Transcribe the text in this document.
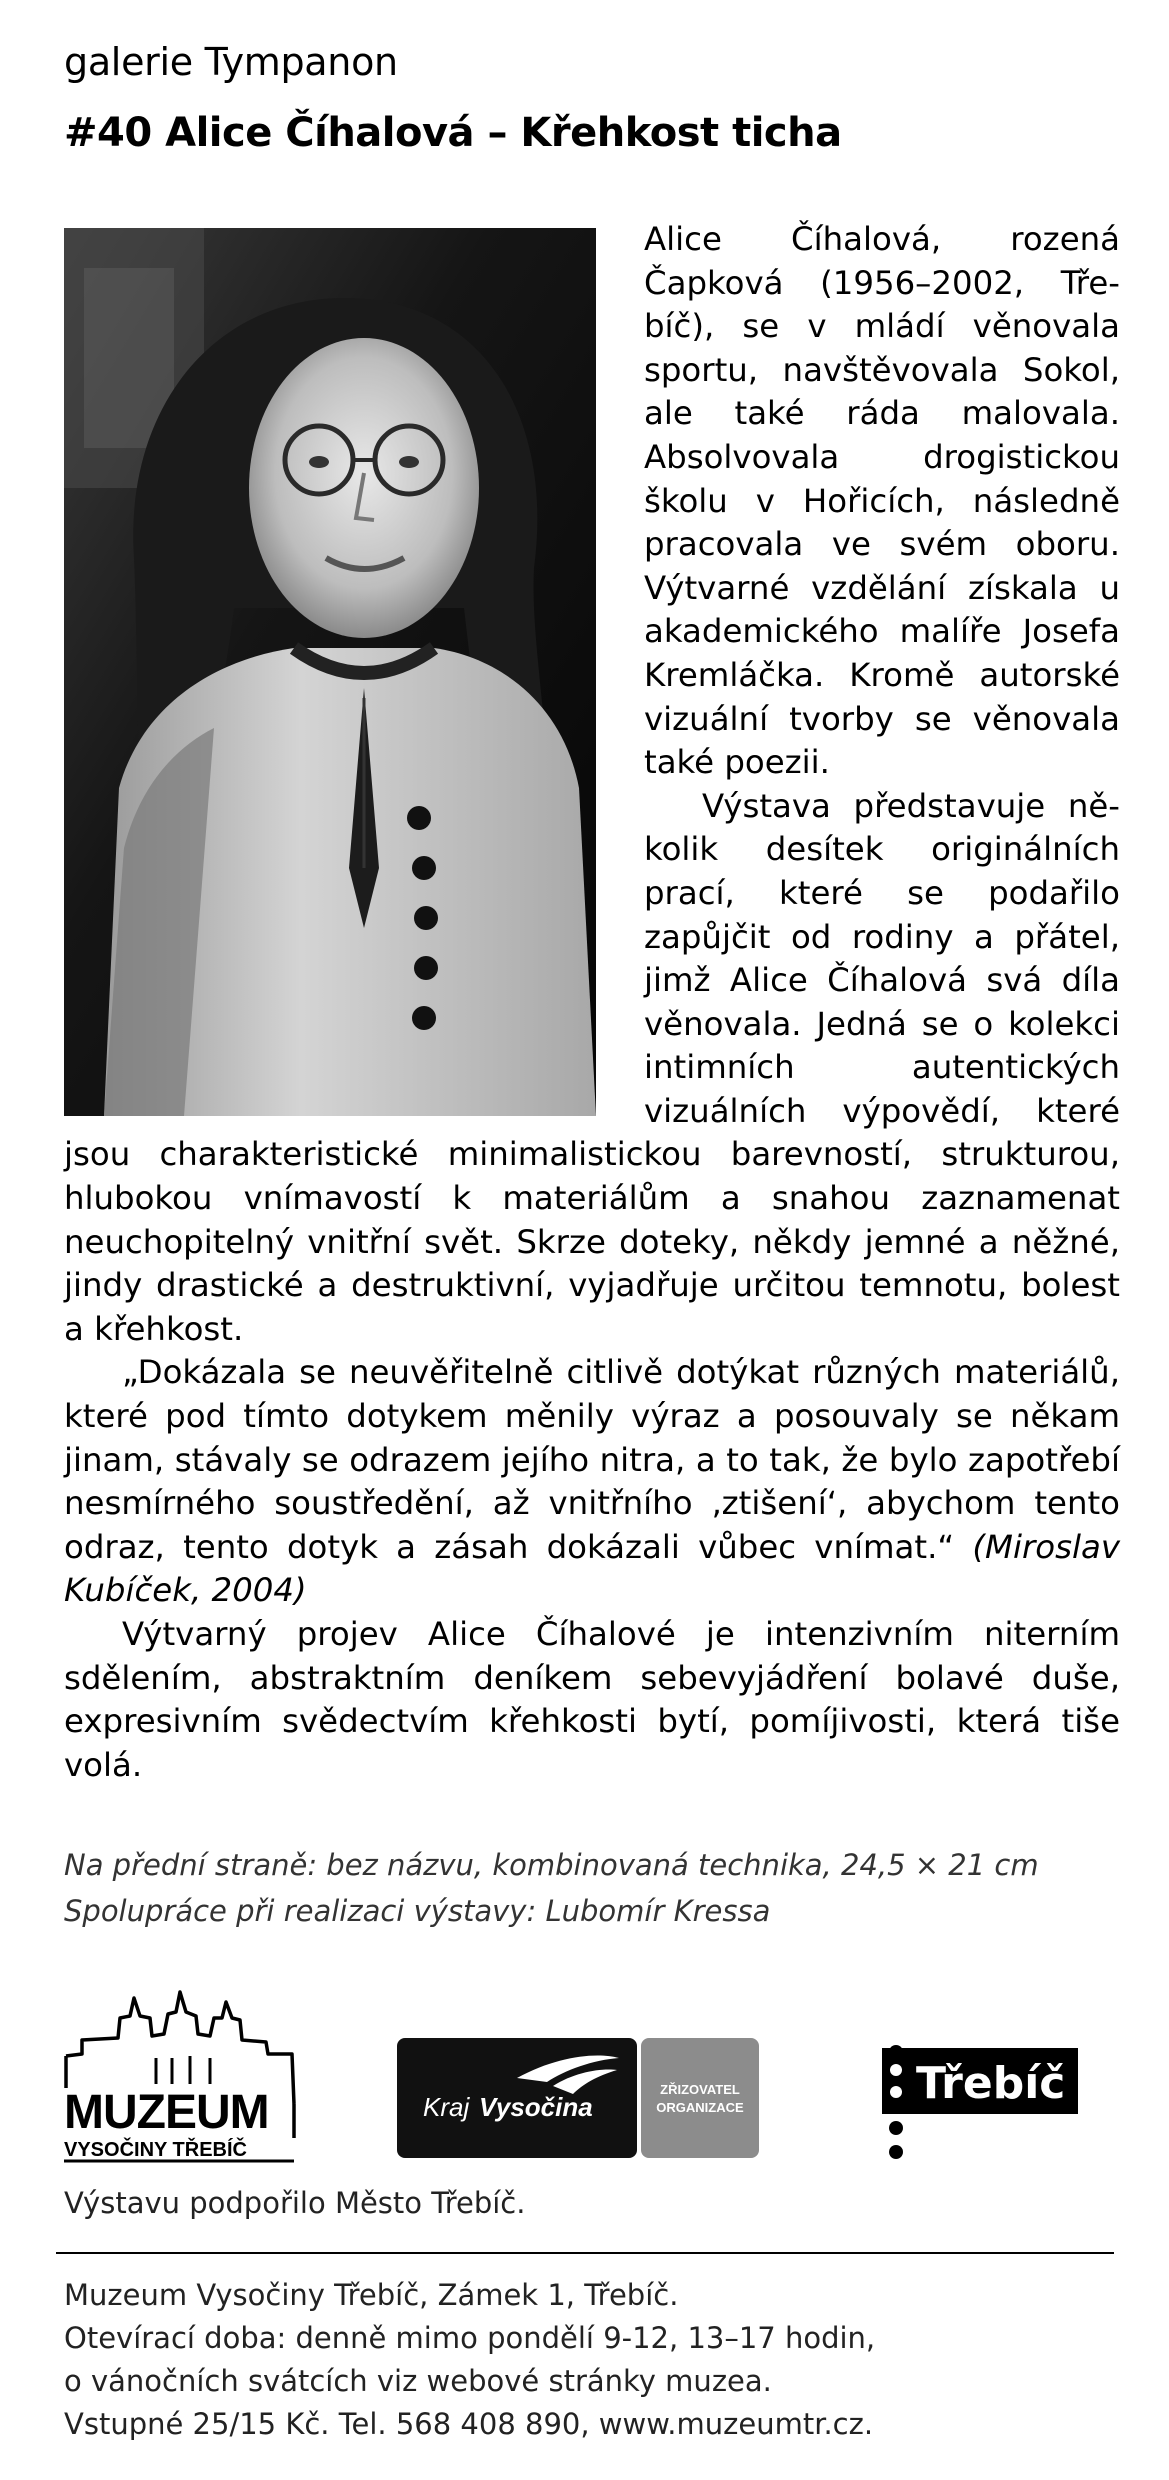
galerie Tympanon
#40 Alice Číhalová – Křehkost ticha

Alice Číhalová, rozená Čapková (1956–2002, Třebíč), se v mládí věnovala sportu, navštěvovala Sokol, ale také ráda malovala. Absolvovala drogistickou školu v Hořicích, následně pracovala ve svém oboru. Výtvarné vzdělání získala u akademického malíře Josefa Kremláčka. Kromě autorské vizuální tvorby se věnovala také poezii.

Výstava představuje několik desítek originálních prací, které se podařilo zapůjčit od rodiny a přátel, jimž Alice Číhalová svá díla věnovala. Jedná se o kolekci intimních autentických vizuálních výpovědí, které jsou charakteristické minimalistickou barevností, strukturou, hlubokou vnímavostí k materiálům a snahou zaznamenat neuchopitelný vnitřní svět. Skrze doteky, někdy jemné a něžné, jindy drastické a destruktivní, vyjadřuje určitou temnotu, bolest a křehkost.

„Dokázala se neuvěřitelně citlivě dotýkat různých materiálů, které pod tímto dotykem měnily výraz a posouvaly se někam jinam, stávaly se odrazem jejího nitra, a to tak, že bylo zapotřebí nesmírného soustředění, až vnitřního ‚ztišení‘, abychom tento odraz, tento dotyk a zásah dokázali vůbec vnímat.“ (Miroslav Kubíček, 2004)

Výtvarný projev Alice Číhalové je intenzivním niterním sdělením, abstraktním deníkem sebevyjádření bolavé duše, expresivním svědectvím křehkosti bytí, pomíjivosti, která tiše volá.

Na přední straně: bez názvu, kombinovaná technika, 24,5 × 21 cm
Spolupráce při realizaci výstavy: Lubomír Kressa
MUZEUM
VYSOČINY TŘEBÍČ
Kraj Vysočina
ZŘIZOVATEL
ORGANIZACE	Třebíč
Výstavu podpořilo Město Třebíč.
Muzeum Vysočiny Třebíč, Zámek 1, Třebíč.
Otevírací doba: denně mimo pondělí 9-12, 13–17 hodin,
o vánočních svátcích viz webové stránky muzea.
Vstupné 25/15 Kč. Tel. 568 408 890, www.muzeumtr.cz.
